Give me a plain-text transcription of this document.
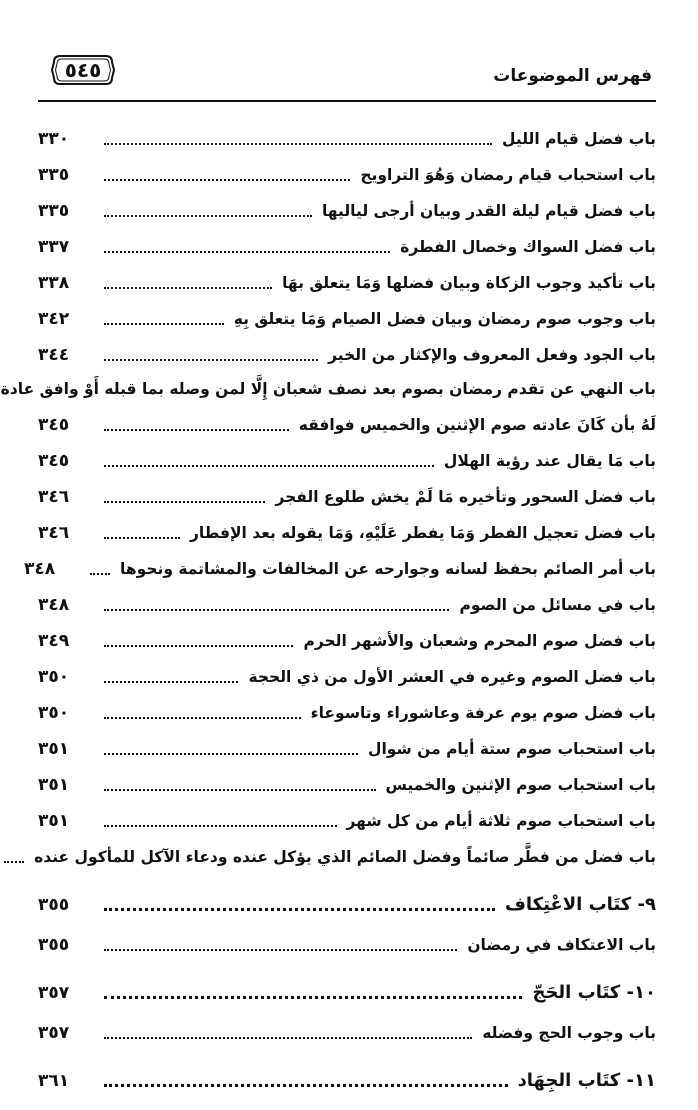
٥٤٥	فهرس الموضوعات
باب فضل قيام الليل
٣٣٠
باب استحباب قيام رمضان وَهُوَ التراويح
٣٣٥
باب فضل قيام ليلة القدر وبيان أرجى لياليها
٣٣٥
باب فضل السواك وخصال الفطرة
٣٣٧
باب تأكيد وجوب الزكاة وبيان فضلها وَمَا يتعلق بهَا
٣٣٨
باب وجوب صوم رمضان وبيان فضل الصيام وَمَا يتعلق بِهِ
٣٤٢
باب الجود وفعل المعروف والإكثار من الخير
٣٤٤
باب النهي عن تقدم رمضان بصوم بعد نصف شعبان إِلَّا لمن وصله بما قبله أَوْ وافق عادة
لَهُ بأن كَانَ عادته صوم الإثنين والخميس فوافقه
٣٤٥
باب مَا يقال عند رؤية الهلال
٣٤٥
باب فضل السحور وتأخيره مَا لَمْ يخش طلوع الفجر
٣٤٦
باب فضل تعجيل الفطر وَمَا يفطر عَلَيْهِ، وَمَا يقوله بعد الإفطار
٣٤٦
باب أمر الصائم بحفظ لسانه وجوارحه عن المخالفات والمشاتمة ونحوها
٣٤٨
باب في مسائل من الصوم
٣٤٨
باب فضل صوم المحرم وشعبان والأشهر الحرم
٣٤٩
باب فضل الصوم وغيره في العشر الأول من ذي الحجة
٣٥٠
باب فضل صوم يوم عرفة وعاشوراء وتاسوعاء
٣٥٠
باب استحباب صوم ستة أيام من شوال
٣٥١
باب استحباب صوم الإثنين والخميس
٣٥١
باب استحباب صوم ثلاثة أيام من كل شهر
٣٥١
باب فضل من فطَّر صائماً وفضل الصائم الذي يؤكل عنده ودعاء الآكل للمأكول عنده
٩- كتَاب الاعْتِكاف
٣٥٥
باب الاعتكاف في رمضان
٣٥٥
١٠- كتَاب الحَجّ
٣٥٧
باب وجوب الحج وفضله
٣٥٧
١١- كتَاب الجِهَاد
٣٦١
